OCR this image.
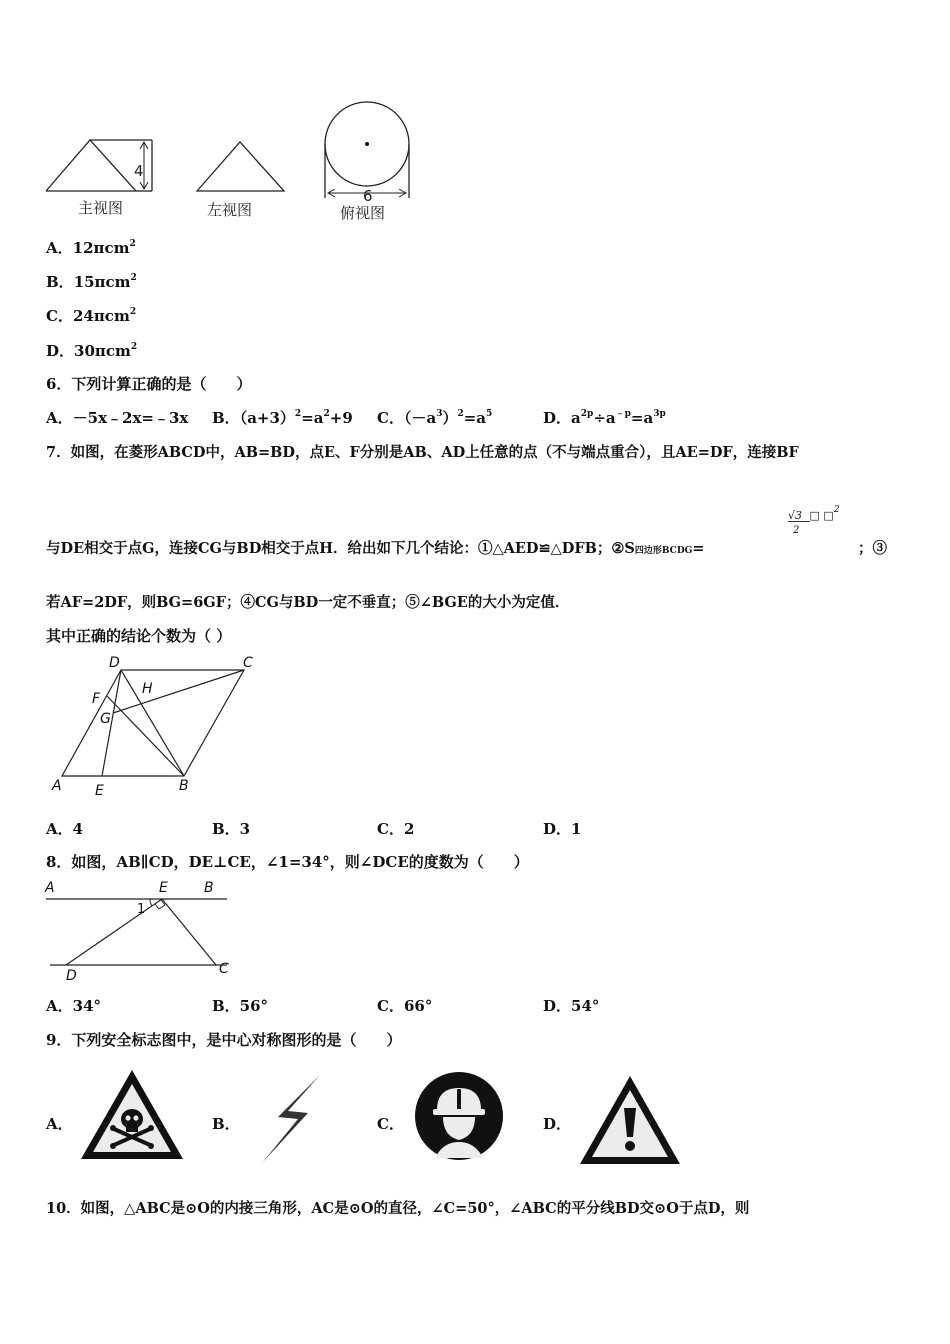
4
主视图	左视图
6
俯视图
A．12πcm$^2$
B．15πcm$^2$
C．24πcm$^2$
D．30πcm$^2$
6．下列计算正确的是（　　）
A．－5x﹣2x=﹣3x B．$(a+3)^2=a^2+9$ C．$(-a^3)^2=a^5$	D．$a^{2p}\div a^{﹣p}=a^{3p}$
7．如图，在菱形ABCD中，AB=BD，点E、F分别是AB、AD上任意的点（不与端点重合），且AE=DF，连接BF
√3 □ □$^2$
2
与DE相交于点G，连接CG与BD相交于点H．给出如下几个结论：①△AED≌△DFB；②S四边形BCDG=	；③
若AF=2DF，则BG=6GF；④CG与BD一定不垂直；⑤∠BGE的大小为定值．
其中正确的结论个数为（ ）
D	C
H
F
G
A E	B
A．4	B．3	C．2	D．1
8．如图，AB∥CD，DE⊥CE，∠1=34°，则∠DCE的度数为（　　）
A	E	B
1
D	C
A．34°	B．56°	C．66°	D．54°
9．下列安全标志图中，是中心对称图形的是（　　）
A．	B．	C．	D．
10．如图，△ABC是⊙O的内接三角形，AC是⊙O的直径，∠C=50°，∠ABC的平分线BD交⊙O于点D，则
